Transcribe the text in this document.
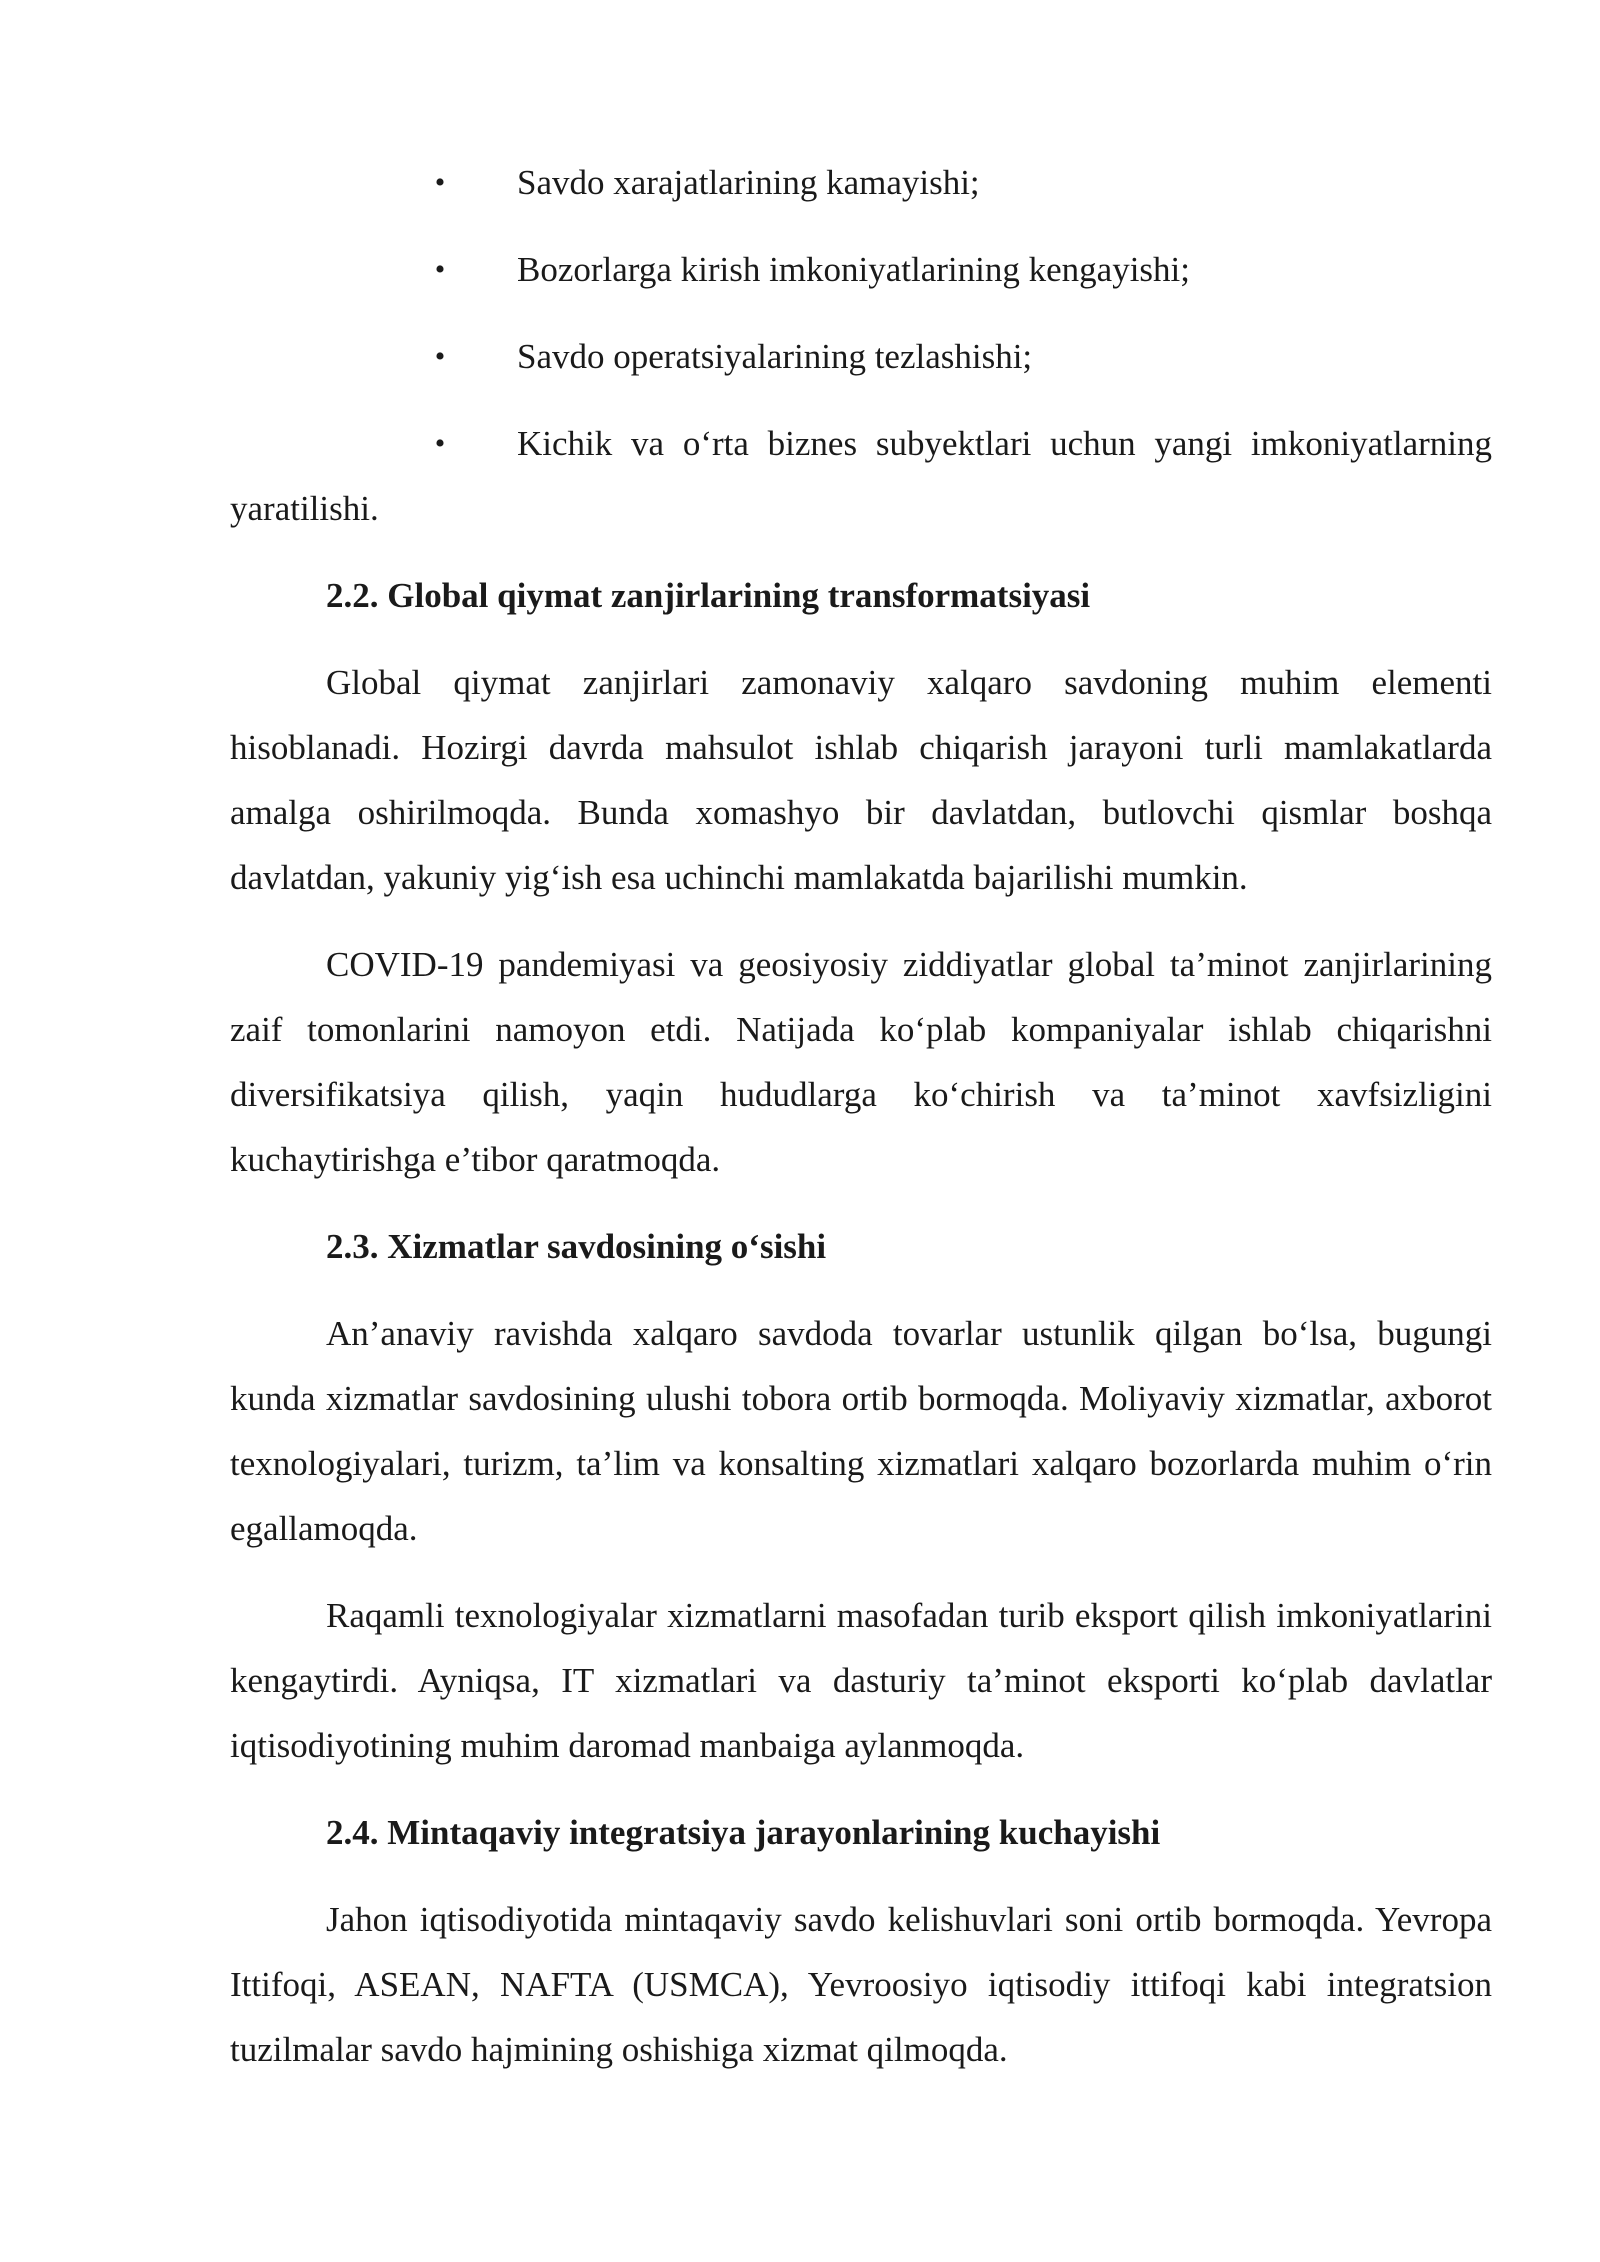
•	Savdo xarajatlarining kamayishi;
•	Bozorlarga kirish imkoniyatlarining kengayishi;
•	Savdo operatsiyalarining tezlashishi;
•	Kichik va o‘rta biznes subyektlari uchun yangi imkoniyatlarning yaratilishi.
2.2. Global qiymat zanjirlarining transformatsiyasi

Global qiymat zanjirlari zamonaviy xalqaro savdoning muhim elementi hisoblanadi. Hozirgi davrda mahsulot ishlab chiqarish jarayoni turli mamlakatlarda amalga oshirilmoqda. Bunda xomashyo bir davlatdan, butlovchi qismlar boshqa davlatdan, yakuniy yig‘ish esa uchinchi mamlakatda bajarilishi mumkin.

COVID-19 pandemiyasi va geosiyosiy ziddiyatlar global ta’minot zanjirlarining zaif tomonlarini namoyon etdi. Natijada ko‘plab kompaniyalar ishlab chiqarishni diversifikatsiya qilish, yaqin hududlarga ko‘chirish va ta’minot xavfsizligini kuchaytirishga e’tibor qaratmoqda.

2.3. Xizmatlar savdosining o‘sishi

An’anaviy ravishda xalqaro savdoda tovarlar ustunlik qilgan bo‘lsa, bugungi kunda xizmatlar savdosining ulushi tobora ortib bormoqda. Moliyaviy xizmatlar, axborot texnologiyalari, turizm, ta’lim va konsalting xizmatlari xalqaro bozorlarda muhim o‘rin egallamoqda.

Raqamli texnologiyalar xizmatlarni masofadan turib eksport qilish imkoniyatlarini kengaytirdi. Ayniqsa, IT xizmatlari va dasturiy ta’minot eksporti ko‘plab davlatlar iqtisodiyotining muhim daromad manbaiga aylanmoqda.

2.4. Mintaqaviy integratsiya jarayonlarining kuchayishi

Jahon iqtisodiyotida mintaqaviy savdo kelishuvlari soni ortib bormoqda. Yevropa Ittifoqi, ASEAN, NAFTA (USMCA), Yevroosiyo iqtisodiy ittifoqi kabi integratsion tuzilmalar savdo hajmining oshishiga xizmat qilmoqda.
